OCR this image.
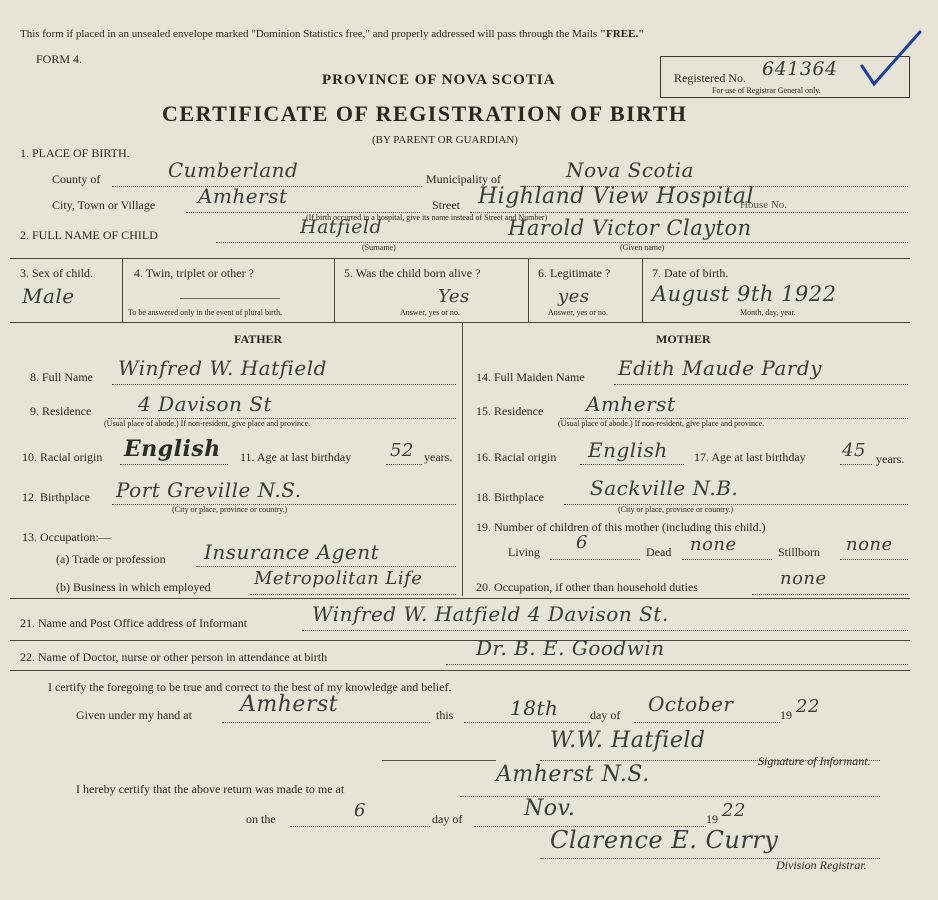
This form if placed in an unsealed envelope marked "Dominion Statistics free," and properly addressed will pass through the Mails "FREE."
FORM 4.
PROVINCE OF NOVA SCOTIA
CERTIFICATE OF REGISTRATION OF BIRTH
(BY PARENT OR GUARDIAN)
Registered No. 641364
For use of Registrar General only.
1. PLACE OF BIRTH.
County of	Cumberland	Municipality of	Nova Scotia
City, Town or Village Amherst	Street Highland View Hospital
House No.
(If birth occurred in a hospital, give its name instead of Street and Number)
2. FULL NAME OF CHILD	Hatfield	Harold Victor Clayton
(Surname)	(Given name)
3. Sex of child.
Male
4. Twin, triplet or other ?
To be answered only in the event of plural birth.
5. Was the child born alive ?
Yes
Answer, yes or no.
6. Legitimate ?
yes
Answer, yes or no.
7. Date of birth.
August 9th 1922
Month, day, year.
FATHER	MOTHER
8. Full Name Winfred W. Hatfield
9. Residence 4 Davison St
(Usual place of abode.) If non-resident, give place and province.
10. Racial origin English 11. Age at last birthday 52 years.
12. Birthplace Port Greville N.S.
(City or place, province or country.)
13. Occupation:—
(a) Trade or profession Insurance Agent
(b) Business in which employed Metropolitan Life
14. Full Maiden Name Edith Maude Pardy
15. Residence Amherst
(Usual place of abode.) If non-resident, give place and province.
16. Racial origin English 17. Age at last birthday 45 years.
18. Birthplace Sackville N.B.
(City or place, province or country.)
19. Number of children of this mother (including this child.)
Living 6	Dead none	Stillborn none
20. Occupation, if other than household duties	none
21. Name and Post Office address of Informant	Winfred W. Hatfield 4 Davison St.
22. Name of Doctor, nurse or other person in attendance at birth	Dr. B. E. Goodwin
I certify the foregoing to be true and correct to the best of my knowledge and belief.
Given under my hand at Amherst	this	18th	day of October	19 22
W.W. Hatfield
Signature of Informant.
I hereby certify that the above return was made to me at
Amherst N.S.
on the	6	day of	Nov.	19 22
Clarence E. Curry
Division Registrar.
